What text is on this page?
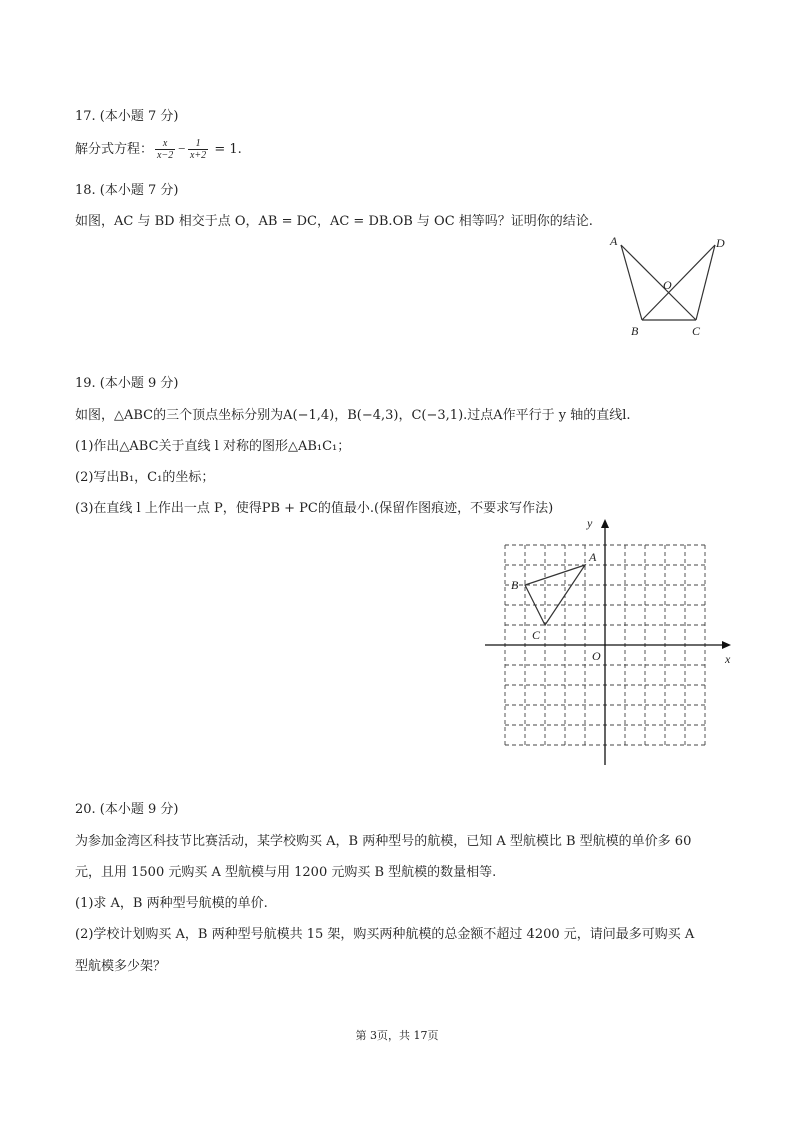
17. (本小题 7 分)
解分式方程： $\frac{x}{x-2} - \frac{1}{x+2} = 1$.
18. (本小题 7 分)
如图，AC 与 BD 相交于点 O，AB = DC，AC = DB.OB 与 OC 相等吗？证明你的结论.
A	D
O
B	C
19. (本小题 9 分)
如图，△ABC的三个顶点坐标分别为A(−1,4)，B(−4,3)，C(−3,1).过点A作平行于 y 轴的直线l.
(1)作出△ABC关于直线 l 对称的图形△AB₁C₁；
(2)写出B₁，C₁的坐标；
(3)在直线 l 上作出一点 P，使得PB + PC的值最小.(保留作图痕迹，不要求写作法)
x
y
O
A
B
C
20. (本小题 9 分)
为参加金湾区科技节比赛活动，某学校购买 A，B 两种型号的航模，已知 A 型航模比 B 型航模的单价多 60
元，且用 1500 元购买 A 型航模与用 1200 元购买 B 型航模的数量相等.
(1)求 A，B 两种型号航模的单价.
(2)学校计划购买 A，B 两种型号航模共 15 架，购买两种航模的总金额不超过 4200 元，请问最多可购买 A
型航模多少架？
第 3页，共 17页
